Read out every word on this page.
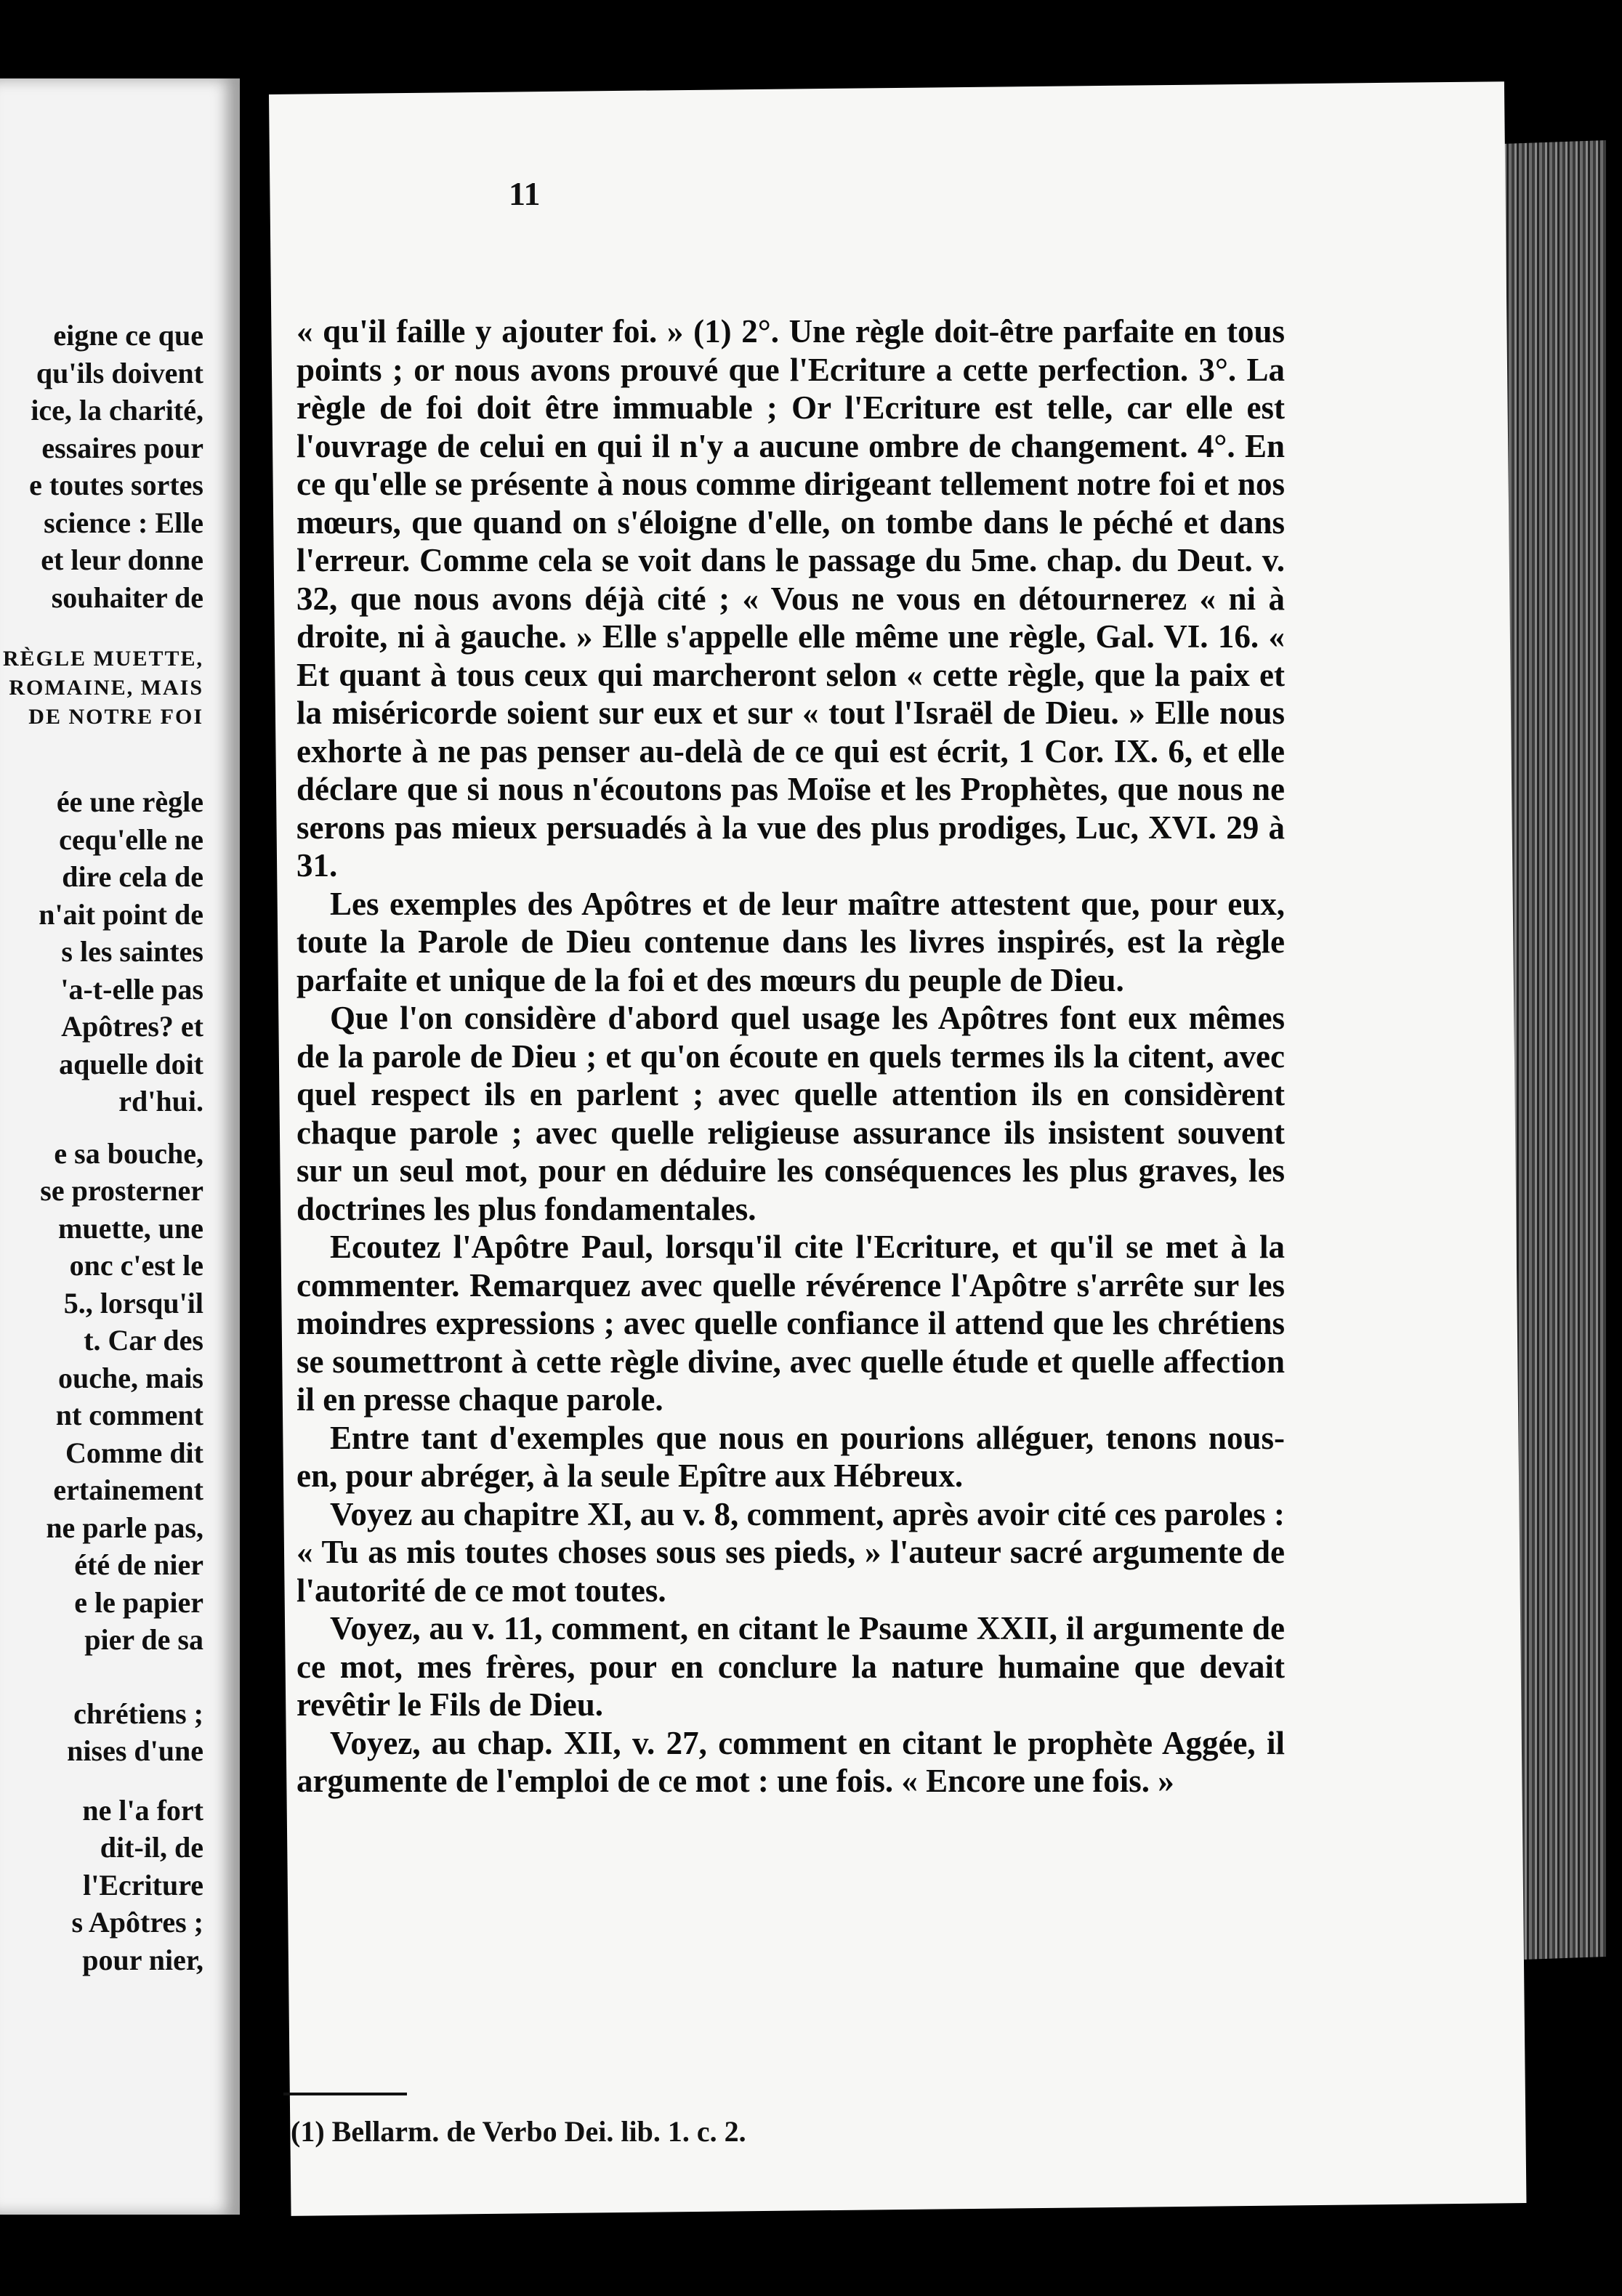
eigne ce que
qu'ils doivent
ice, la charité,
essaires pour
e toutes sortes
science : Elle
et leur donne
souhaiter de
RÈGLE MUETTE,
ROMAINE, MAIS
DE NOTRE FOI
ée une règle
cequ'elle ne
dire cela de
n'ait point de
s les saintes
'a-t-elle pas
Apôtres? et
aquelle doit
rd'hui.
e sa bouche,
se prosterner
muette, une
onc c'est le
5., lorsqu'il
t. Car des
ouche, mais
nt comment
Comme dit
ertainement
ne parle pas,
été de nier
e le papier
pier de sa
chrétiens ;
nises d'une
ne l'a fort
dit-il, de
l'Ecriture
s Apôtres ;
pour nier,
11

« qu'il faille y ajouter foi. » (1) 2°. Une règle doit-être parfaite en tous points ; or nous avons prouvé que l'Ecriture a cette perfection. 3°. La règle de foi doit être immuable ; Or l'Ecriture est telle, car elle est l'ouvrage de celui en qui il n'y a aucune ombre de changement. 4°. En ce qu'elle se présente à nous comme dirigeant tellement notre foi et nos mœurs, que quand on s'éloigne d'elle, on tombe dans le péché et dans l'erreur. Comme cela se voit dans le passage du 5me. chap. du Deut. v. 32, que nous avons déjà cité ; « Vous ne vous en détournerez « ni à droite, ni à gauche. » Elle s'appelle elle même une règle, Gal. VI. 16. « Et quant à tous ceux qui marcheront selon « cette règle, que la paix et la miséricorde soient sur eux et sur « tout l'Israël de Dieu. » Elle nous exhorte à ne pas penser au-delà de ce qui est écrit, 1 Cor. IX. 6, et elle déclare que si nous n'écoutons pas Moïse et les Prophètes, que nous ne serons pas mieux persuadés à la vue des plus prodiges, Luc, XVI. 29 à 31.

Les exemples des Apôtres et de leur maître attestent que, pour eux, toute la Parole de Dieu contenue dans les livres inspirés, est la règle parfaite et unique de la foi et des mœurs du peuple de Dieu.

Que l'on considère d'abord quel usage les Apôtres font eux mêmes de la parole de Dieu ; et qu'on écoute en quels termes ils la citent, avec quel respect ils en parlent ; avec quelle attention ils en considèrent chaque parole ; avec quelle religieuse assurance ils insistent souvent sur un seul mot, pour en déduire les conséquences les plus graves, les doctrines les plus fondamentales.

Ecoutez l'Apôtre Paul, lorsqu'il cite l'Ecriture, et qu'il se met à la commenter. Remarquez avec quelle révérence l'Apôtre s'arrête sur les moindres expressions ; avec quelle confiance il attend que les chrétiens se soumettront à cette règle divine, avec quelle étude et quelle affection il en presse chaque parole.

Entre tant d'exemples que nous en pourions alléguer, tenons nous-en, pour abréger, à la seule Epître aux Hébreux.

Voyez au chapitre XI, au v. 8, comment, après avoir cité ces paroles : « Tu as mis toutes choses sous ses pieds, » l'auteur sacré argumente de l'autorité de ce mot toutes.

Voyez, au v. 11, comment, en citant le Psaume XXII, il argumente de ce mot, mes frères, pour en conclure la nature humaine que devait revêtir le Fils de Dieu.

Voyez, au chap. XII, v. 27, comment en citant le prophète Aggée, il argumente de l'emploi de ce mot : une fois. « Encore une fois. »

(1) Bellarm. de Verbo Dei. lib. 1. c. 2.
